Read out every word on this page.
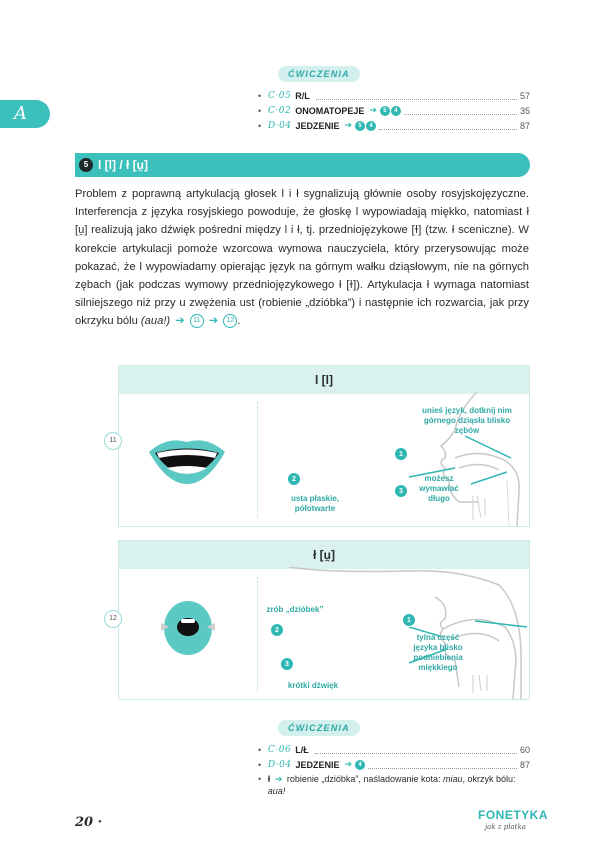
A
ĆWICZENIA
• C·05 R/L	57
• C·02 ONOMATOPEJE ➔	5	4	35
• D·04 JEDZENIE ➔	5	4	87
5 l [l] / ł [u̯]
Problem z poprawną artykulacją głosek l i ł sygnalizują głównie osoby rosyjskojęzyczne. Interferencja z języka rosyjskiego powoduje, że głoskę l wypowiadają miękko, natomiast ł [u̯] realizują jako dźwięk pośredni między l i ł, tj. przedniojęzykowe [ɫ] (tzw. ł sceniczne). W korekcie artykulacji pomoże wzorcowa wymowa nauczyciela, który przerysowując może pokazać, że l wypowiadamy opierając język na górnym wałku dziąsłowym, nie na górnych zębach (jak podczas wymowy przedniojęzykowego ł [ɫ]). Artykulacja ł wymaga natomiast silniejszego niż przy u zwężenia ust (robienie „dzióbka”) i następnie ich rozwarcia, jak przy okrzyku bólu (aua!) ➔ 11 ➔ 12 .
l [l]
unieś język, dotknij nim górnego dziąsła blisko zębów
usta płaskie, półotwarte
możesz wymawiać długo
1
2
3
11
ł [u̯]
zrób „dzióbek”
tylna część języka blisko podniebienia miękkiego
krótki dźwięk
1
2
3
12
ĆWICZENIA
• C·06 L/Ł	60
• D·04 JEDZENIE ➔	4	87
• ł ➔ robienie „dzióbka”, naśladowanie kota: miau, okrzyk bólu: aua!
20 ·	FONETYKA
jak z płatka
